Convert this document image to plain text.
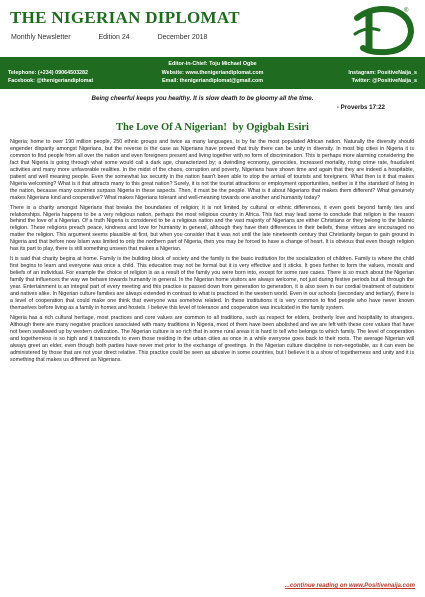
THE NIGERIAN DIPLOMAT
Monthly Newsletter	Edition 24	December 2018
®
Editor-in-Chief: Toju Michael Ogbe
Telephone: (+234) 09064503282	Website: www.thenigeriandiplomat.com	Instagram: PositiveNaija_s
Facebook: @thenigeriandiplomat	Email: thenigeriandiplomat@gmail.com	Twitter: @PositiveNaija_s
Being cheerful keeps you healthy. It is slow death to be gloomy all the time.
- Proverbs 17:22
The Love Of A Nigerian! by Ogigbah Esiri

Nigeria; home to over 190 million people, 250 ethnic groups and twice as many languages, is by far the most populated African nation. Naturally the diversity should engender disparity amongst Nigerians, but the reverse is the case as Nigerians have proved that truly there can be unity in diversity. In most big cities in Nigeria it is common to find people from all over the nation and even foreigners present and living together with no form of discrimination. This is perhaps more alarming considering the fact that Nigeria is going through what some would call a dark age, characterized by; a dwindling economy, genocides, increased mortality, rising crime rate, fraudulent activities and many more unfavorable realities. In the midst of the chaos, corruption and poverty, Nigerians have shown time and again that they are indeed a hospitable, patient and well meaning people. Even the somewhat lax security in the nation hasn't been able to stop the arrival of tourists and foreigners. What then is it that makes Nigeria welcoming? What is it that attracts many to this great nation? Surely, it is not the tourist attractions or employment opportunities, neither is it the standard of living in the nation, because many countries surpass Nigeria in these aspects. Then, it must be the people. What is it about Nigerians that makes them different? What genuinely makes Nigerians kind and cooperative? What makes Nigerians tolerant and well-meaning towards one another and humanity today?

There is a charity amongst Nigerians that breaks the boundaries of religion; it is not limited by cultural or ethnic differences, it even goes beyond family ties and relationships. Nigeria happens to be a very religious nation, perhaps the most religious country in Africa. This fact may lead some to conclude that religion is the reason behind the love of a Nigerian. Of a truth Nigeria is considered to be a religious nation and the vast majority of Nigerians are either Christians or they belong to the Islamic religion. These religions preach peace, kindness and love for humanity in general, although they have their differences in their beliefs, these virtues are encouraged no matter the religion. This argument seems plausible at first, but when you consider that it was not until the late nineteenth century that Christianity began to gain ground in Nigeria and that before now Islam was limited to only the northern part of Nigeria, then you may be forced to have a change of heart. It is obvious that even though religion has its part to play, there is still something unseen that makes a Nigerian.

It is said that charity begins at home. Family is the building block of society and the family is the basic institution for the socialization of children. Family is where the child first begins to learn and everyone was once a child. This education may not be formal but it is very effective and it sticks. It goes further to form the values, morals and beliefs of an individual. For example the choice of religion is as a result of the family you were born into, except for some rare cases. There is so much about the Nigerian family that influences the way we behave towards humanity in general. In the Nigerian home visitors are always welcome, not just during festive periods but all through the year. Entertainment is an integral part of every meeting and this practice is passed down from generation to generation, it is also seen in our cordial treatment of outsiders and natives alike. In Nigerian culture families are always extended in contrast to what is practiced in the western world. Even in our schools (secondary and tertiary), there is a level of cooperation that could make one think that everyone was somehow related. In these institutions it is very common to find people who have never known themselves before living as a family in homes and hostels. I believe this level of tolerance and cooperation was inculcated in the family system.

Nigeria has a rich cultural heritage, most practices and core values are common to all traditions, such as respect for elders, brotherly love and hospitality to strangers. Although there are many negative practices associated with many traditions in Nigeria, most of them have been abolished and we are left with these core values that have not been swallowed up by western civilization. The Nigerian culture is so rich that in some rural areas it is hard to tell who belongs to which family. The level of cooperation and togetherness is so high and it transcends to even those residing in the urban cities as once in a while everyone goes back to their roots. The average Nigerian will always greet an elder, even though both parties have never met prior to the exchange of greetings. In the Nigerian culture discipline is non-negotiable, as it can even be administered by those that are not your direct relative. This practice could be seen as abusive in some countries, but I believe it is a show of togetherness and unity and it is something that makes us different as Nigerians.

...continue reading on www.Positivenaija.com
